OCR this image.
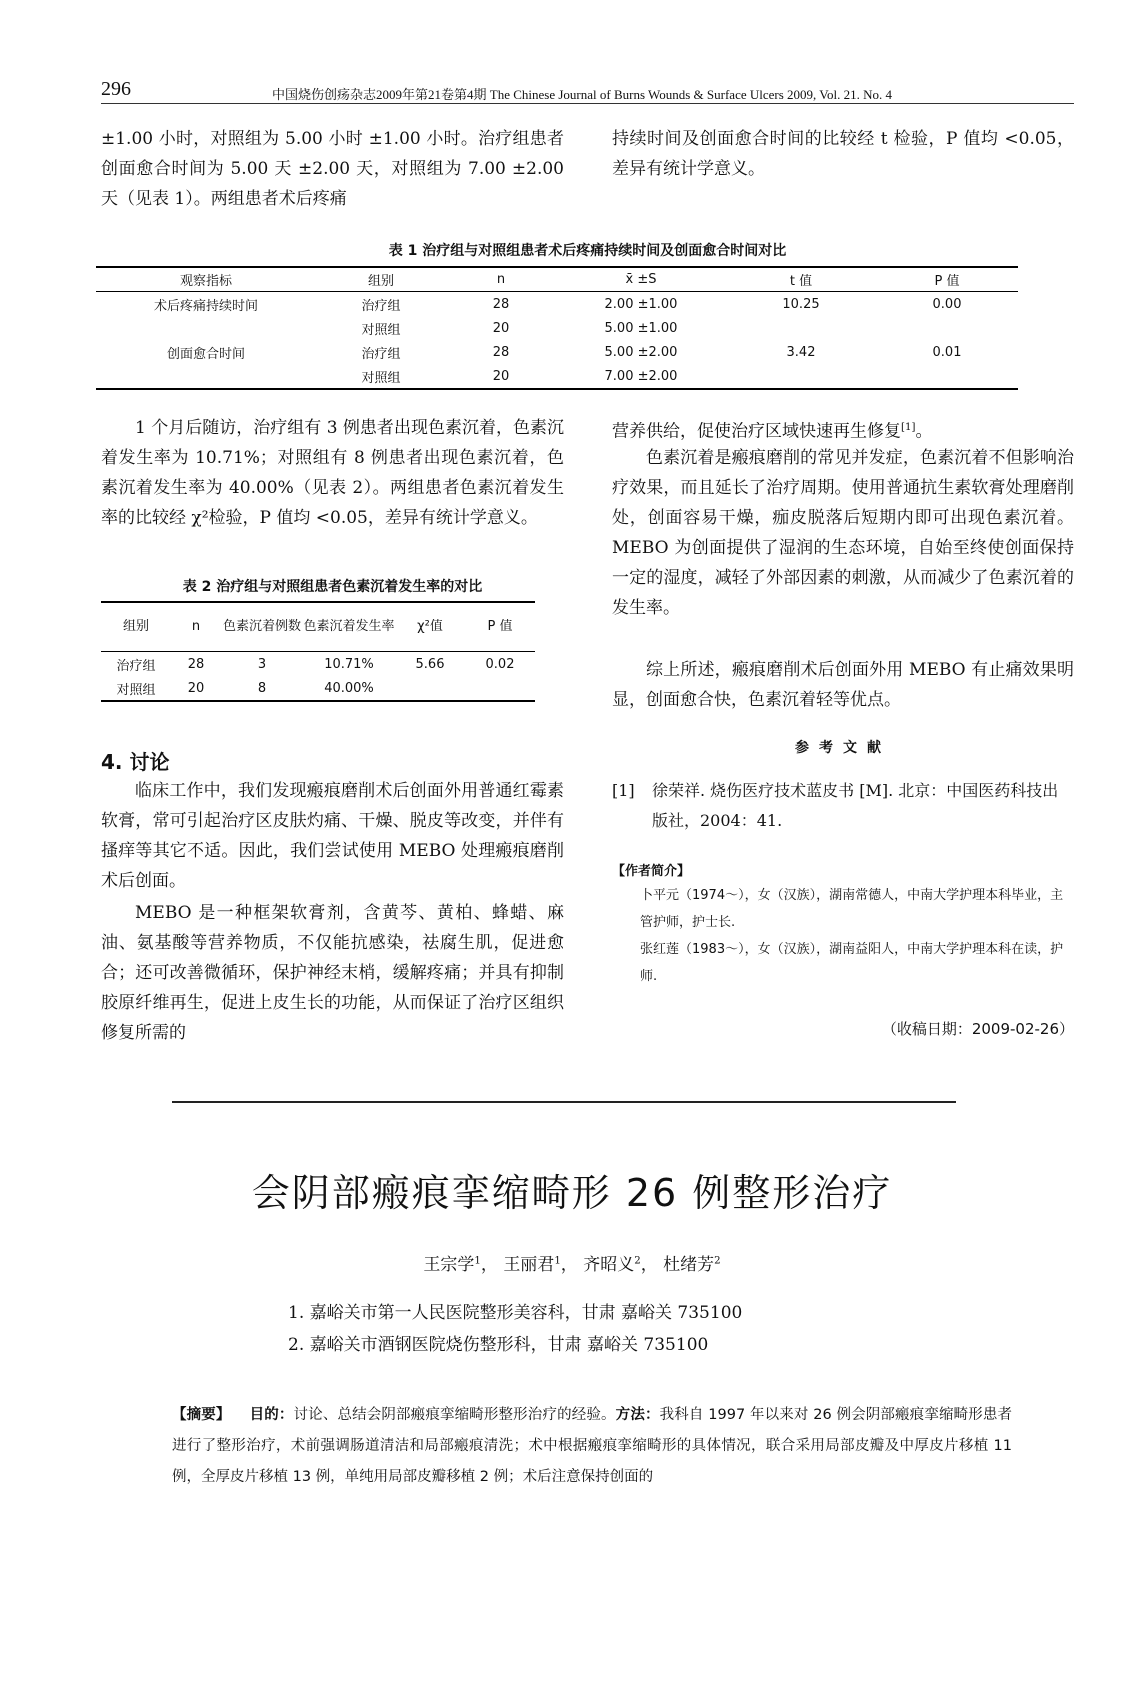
296	中国烧伤创疡杂志2009年第21卷第4期 The Chinese Journal of Burns Wounds & Surface Ulcers 2009, Vol. 21. No. 4

±1.00 小时，对照组为 5.00 小时 ±1.00 小时。治疗组患者创面愈合时间为 5.00 天 ±2.00 天，对照组为 7.00 ±2.00 天（见表 1）。两组患者术后疼痛

持续时间及创面愈合时间的比较经 t 检验，P 值均 <0.05，差异有统计学意义。

表 1 治疗组与对照组患者术后疼痛持续时间及创面愈合时间对比
观察指标	组别	n	x̄ ±S	t 值	P 值
术后疼痛持续时间	治疗组	28	2.00 ±1.00	10.25	0.00
	对照组	20	5.00 ±1.00		
创面愈合时间	治疗组	28	5.00 ±2.00	3.42	0.01
	对照组	20	7.00 ±2.00		

1 个月后随访，治疗组有 3 例患者出现色素沉着，色素沉着发生率为 10.71%；对照组有 8 例患者出现色素沉着，色素沉着发生率为 40.00%（见表 2）。两组患者色素沉着发生率的比较经 χ²检验，P 值均 <0.05，差异有统计学意义。

表 2 治疗组与对照组患者色素沉着发生率的对比
组别	n	色素沉着例数	色素沉着发生率	χ²值	P 值
治疗组	28	3	10.71%	5.66	0.02
对照组	20	8	40.00%		
4. 讨论

临床工作中，我们发现瘢痕磨削术后创面外用普通红霉素软膏，常可引起治疗区皮肤灼痛、干燥、脱皮等改变，并伴有搔痒等其它不适。因此，我们尝试使用 MEBO 处理瘢痕磨削术后创面。

MEBO 是一种框架软膏剂，含黄芩、黄柏、蜂蜡、麻油、氨基酸等营养物质，不仅能抗感染，祛腐生肌，促进愈合；还可改善微循环，保护神经末梢，缓解疼痛；并具有抑制胶原纤维再生，促进上皮生长的功能，从而保证了治疗区组织修复所需的

营养供给，促使治疗区域快速再生修复[1]。

色素沉着是瘢痕磨削的常见并发症，色素沉着不但影响治疗效果，而且延长了治疗周期。使用普通抗生素软膏处理磨削处，创面容易干燥，痂皮脱落后短期内即可出现色素沉着。MEBO 为创面提供了湿润的生态环境，自始至终使创面保持一定的湿度，减轻了外部因素的刺激，从而减少了色素沉着的发生率。

综上所述，瘢痕磨削术后创面外用 MEBO 有止痛效果明显，创面愈合快，色素沉着轻等优点。

参考文献
[1] 徐荣祥. 烧伤医疗技术蓝皮书 [M]. 北京：中国医药科技出版社，2004：41.
【作者简介】
卜平元（1974～），女（汉族），湖南常德人，中南大学护理本科毕业，主管护师，护士长.
张红莲（1983～），女（汉族），湖南益阳人，中南大学护理本科在读，护师.
（收稿日期：2009-02-26）
会阴部瘢痕挛缩畸形 26 例整形治疗
王宗学$^1$， 王丽君$^1$， 齐昭义$^2$， 杜绪芳$^2$
1. 嘉峪关市第一人民医院整形美容科，甘肃 嘉峪关 735100
2. 嘉峪关市酒钢医院烧伤整形科，甘肃 嘉峪关 735100
【摘要】 目的：讨论、总结会阴部瘢痕挛缩畸形整形治疗的经验。方法：我科自 1997 年以来对 26 例会阴部瘢痕挛缩畸形患者进行了整形治疗，术前强调肠道清洁和局部瘢痕清洗；术中根据瘢痕挛缩畸形的具体情况，联合采用局部皮瓣及中厚皮片移植 11 例，全厚皮片移植 13 例，单纯用局部皮瓣移植 2 例；术后注意保持创面的
